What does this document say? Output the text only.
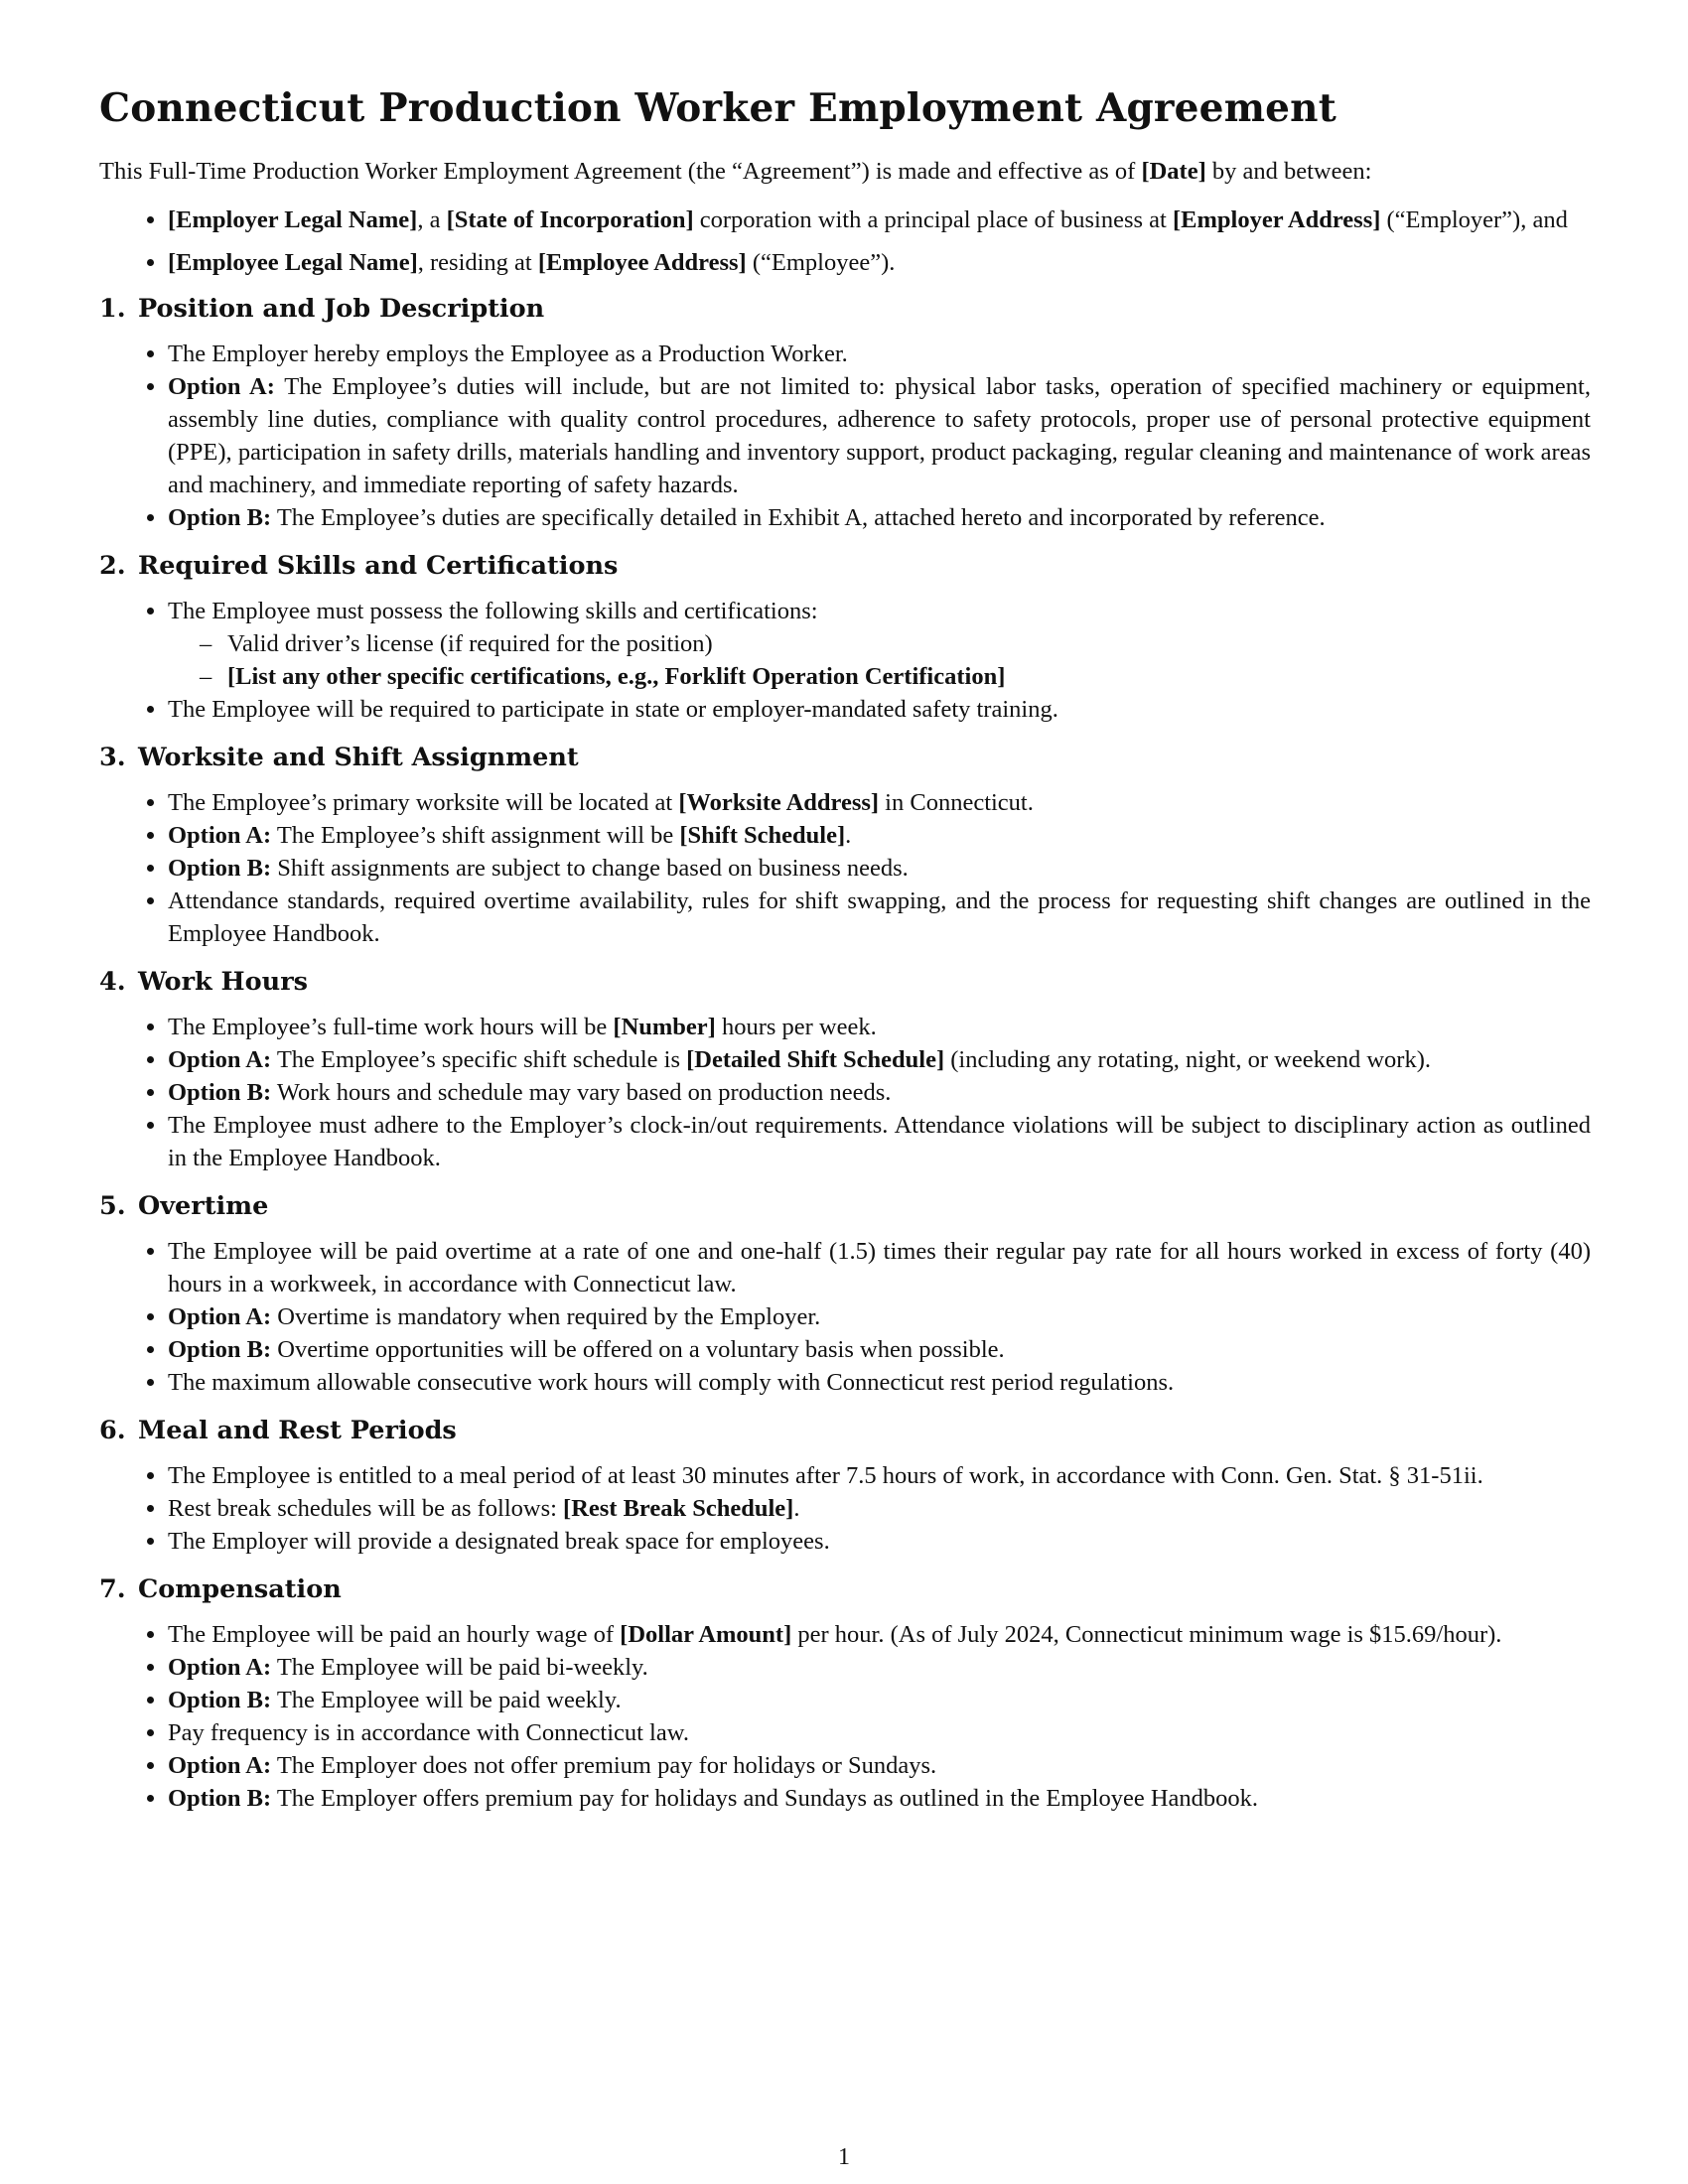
Connecticut Production Worker Employment Agreement

This Full-Time Production Worker Employment Agreement (the “Agreement”) is made and effective as of [Date] by and between:

• [Employer Legal Name], a [State of Incorporation] corporation with a principal place of business at [Employer Address] (“Employer”), and
• [Employee Legal Name], residing at [Employee Address] (“Employee”).
1. Position and Job Description
• The Employer hereby employs the Employee as a Production Worker.
• Option A: The Employee’s duties will include, but are not limited to: physical labor tasks, operation of specified machinery or equipment, assembly line duties, compliance with quality control procedures, adherence to safety protocols, proper use of personal protective equipment (PPE), participation in safety drills, materials handling and inventory support, product packaging, regular cleaning and maintenance of work areas and machinery, and immediate reporting of safety hazards.
• Option B: The Employee’s duties are specifically detailed in Exhibit A, attached hereto and incorporated by reference.
2. Required Skills and Certifications
• The Employee must possess the following skills and certifications:
– Valid driver’s license (if required for the position)
– [List any other specific certifications, e.g., Forklift Operation Certification]
• The Employee will be required to participate in state or employer-mandated safety training.
3. Worksite and Shift Assignment
• The Employee’s primary worksite will be located at [Worksite Address] in Connecticut.
• Option A: The Employee’s shift assignment will be [Shift Schedule].
• Option B: Shift assignments are subject to change based on business needs.
• Attendance standards, required overtime availability, rules for shift swapping, and the process for requesting shift changes are outlined in the Employee Handbook.
4. Work Hours
• The Employee’s full-time work hours will be [Number] hours per week.
• Option A: The Employee’s specific shift schedule is [Detailed Shift Schedule] (including any rotating, night, or weekend work).
• Option B: Work hours and schedule may vary based on production needs.
• The Employee must adhere to the Employer’s clock-in/out requirements. Attendance violations will be subject to disciplinary action as outlined in the Employee Handbook.
5. Overtime
• The Employee will be paid overtime at a rate of one and one-half (1.5) times their regular pay rate for all hours worked in excess of forty (40) hours in a workweek, in accordance with Connecticut law.
• Option A: Overtime is mandatory when required by the Employer.
• Option B: Overtime opportunities will be offered on a voluntary basis when possible.
• The maximum allowable consecutive work hours will comply with Connecticut rest period regulations.
6. Meal and Rest Periods
• The Employee is entitled to a meal period of at least 30 minutes after 7.5 hours of work, in accordance with Conn. Gen. Stat. § 31-51ii.
• Rest break schedules will be as follows: [Rest Break Schedule].
• The Employer will provide a designated break space for employees.
7. Compensation
• The Employee will be paid an hourly wage of [Dollar Amount] per hour. (As of July 2024, Connecticut minimum wage is $15.69/hour).
• Option A: The Employee will be paid bi-weekly.
• Option B: The Employee will be paid weekly.
• Pay frequency is in accordance with Connecticut law.
• Option A: The Employer does not offer premium pay for holidays or Sundays.
• Option B: The Employer offers premium pay for holidays and Sundays as outlined in the Employee Handbook.
1
